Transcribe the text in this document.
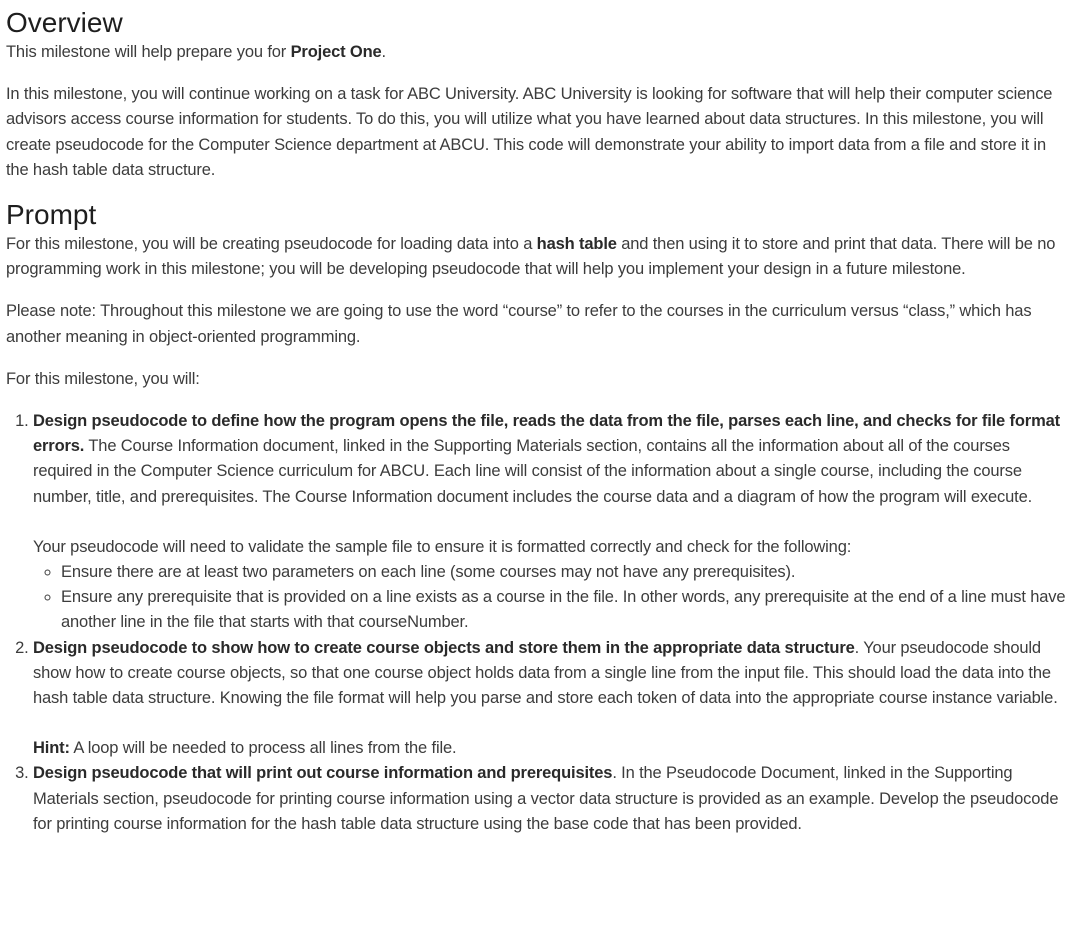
Overview

This milestone will help prepare you for Project One.

In this milestone, you will continue working on a task for ABC University. ABC University is looking for software that will help their computer science advisors access course information for students. To do this, you will utilize what you have learned about data structures. In this milestone, you will create pseudocode for the Computer Science department at ABCU. This code will demonstrate your ability to import data from a file and store it in the hash table data structure.

Prompt

For this milestone, you will be creating pseudocode for loading data into a hash table and then using it to store and print that data. There will be no programming work in this milestone; you will be developing pseudocode that will help you implement your design in a future milestone.

Please note: Throughout this milestone we are going to use the word “course” to refer to the courses in the curriculum versus “class,” which has another meaning in object-oriented programming.

For this milestone, you will:

1. Design pseudocode to define how the program opens the file, reads the data from the file, parses each line, and checks for file format errors. The Course Information document, linked in the Supporting Materials section, contains all the information about all of the courses required in the Computer Science curriculum for ABCU. Each line will consist of the information about a single course, including the course number, title, and prerequisites. The Course Information document includes the course data and a diagram of how the program will execute.
Your pseudocode will need to validate the sample file to ensure it is formatted correctly and check for the following:
◦ Ensure there are at least two parameters on each line (some courses may not have any prerequisites).
◦ Ensure any prerequisite that is provided on a line exists as a course in the file. In other words, any prerequisite at the end of a line must have another line in the file that starts with that courseNumber.
2. Design pseudocode to show how to create course objects and store them in the appropriate data structure. Your pseudocode should show how to create course objects, so that one course object holds data from a single line from the input file. This should load the data into the hash table data structure. Knowing the file format will help you parse and store each token of data into the appropriate course instance variable.
Hint: A loop will be needed to process all lines from the file.
3. Design pseudocode that will print out course information and prerequisites. In the Pseudocode Document, linked in the Supporting Materials section, pseudocode for printing course information using a vector data structure is provided as an example. Develop the pseudocode for printing course information for the hash table data structure using the base code that has been provided.
